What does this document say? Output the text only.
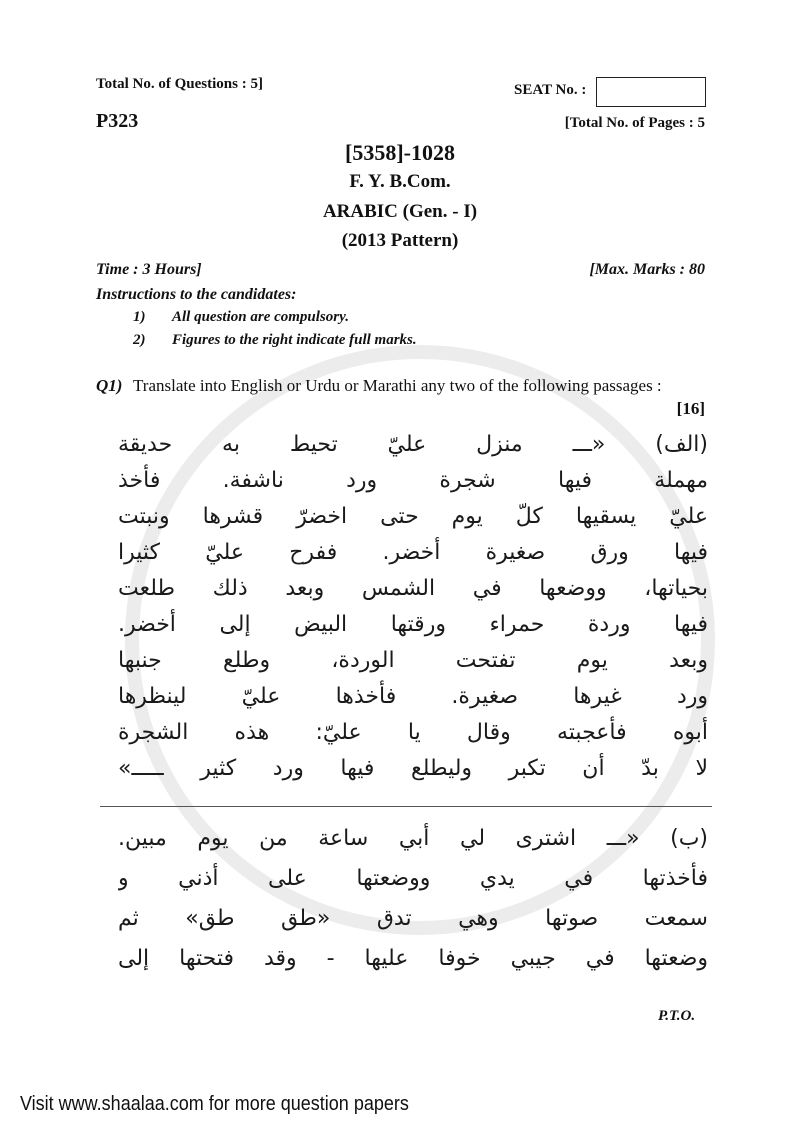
Total No. of Questions : 5]	SEAT No. :
P323	[Total No. of Pages : 5
[5358]-1028
F. Y. B.Com.
ARABIC (Gen. - I)
(2013 Pattern)
Time : 3 Hours]	[Max. Marks : 80
Instructions to the candidates:
1) All question are compulsory.
2) Figures to the right indicate full marks.
Q1) Translate into English or Urdu or Marathi any two of the following passages :
[16]
(الف) «ـــ منزل عليّ تحيط به حديقة
مهملة فيها شجرة ورد ناشفة. فأخذ
عليّ يسقيها كلّ يوم حتى اخضرّ قشرها ونبتت
فيها ورق صغيرة أخضر. ففرح عليّ كثيرا
بحياتها، ووضعها في الشمس وبعد ذلك طلعت
فيها وردة حمراء ورقتها البيض إلى أخضر.
وبعد يوم تفتحت الوردة، وطلع جنبها
ورد غيرها صغيرة. فأخذها عليّ لينظرها
أبوه فأعجبته وقال يا عليّ: هذه الشجرة
لا بدّ أن تكبر وليطلع فيها ورد كثير ـــــ»
(ب) «ـــ اشترى لي أبي ساعة من يوم مبين.
فأخذتها في يدي ووضعتها على أذني و
سمعت صوتها وهي تدق «طق طق» ثم
وضعتها في جيبي خوفا عليها - وقد فتحتها إلى
P.T.O.
Visit www.shaalaa.com for more question papers
